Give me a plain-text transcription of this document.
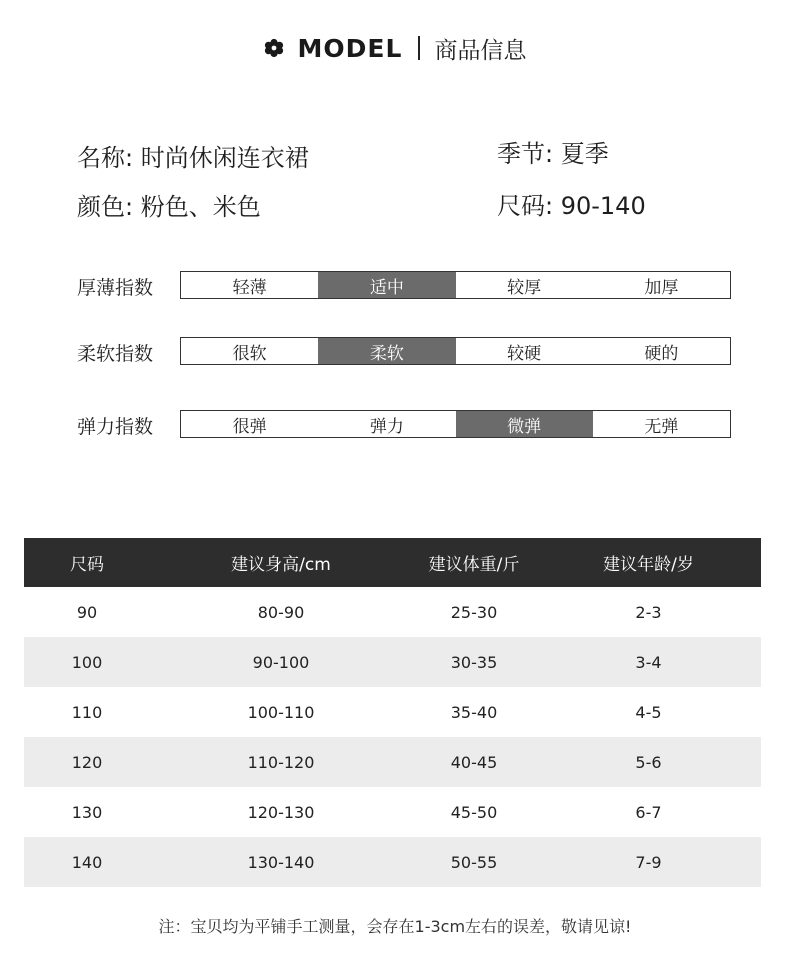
MODEL 商品信息
名称: 时尚休闲连衣裙	季节: 夏季
颜色: 粉色、米色	尺码: 90-140
厚薄指数	轻薄	适中	较厚	加厚
柔软指数	很软	柔软	较硬	硬的
弹力指数	很弹	弹力	微弹	无弹
尺码	建议身高/cm	建议体重/斤	建议年龄/岁
90	80-90	25-30	2-3
100	90-100	30-35	3-4
110	100-110	35-40	4-5
120	110-120	40-45	5-6
130	120-130	45-50	6-7
140	130-140	50-55	7-9
注：宝贝均为平铺手工测量，会存在1-3cm左右的误差，敬请见谅!
